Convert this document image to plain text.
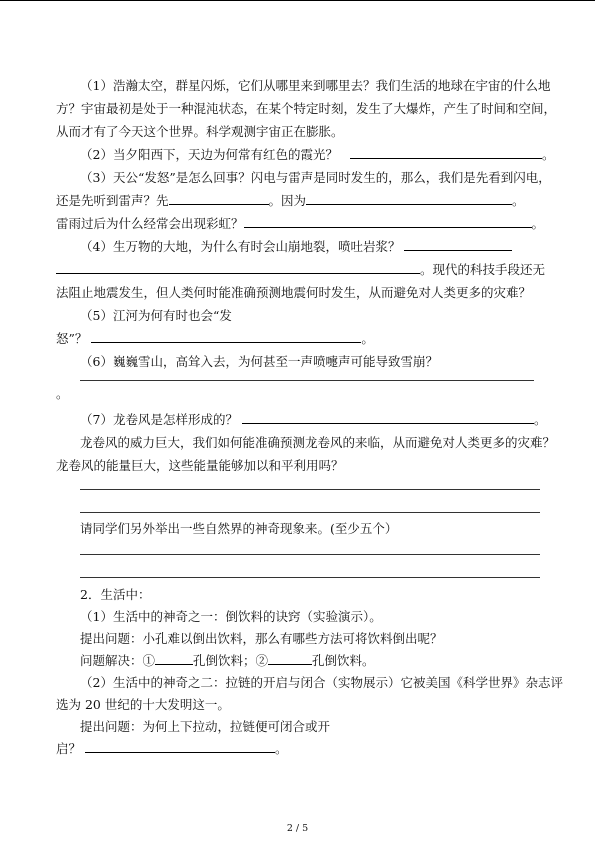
（1）浩瀚太空，群星闪烁，它们从哪里来到哪里去？我们生活的地球在宇宙的什么地
方？宇宙最初是处于一种混沌状态，在某个特定时刻，发生了大爆炸，产生了时间和空间，
从而才有了今天这个世界。科学观测宇宙正在膨胀。
（2）当夕阳西下，天边为何常有红色的霞光？	。
（3）天公“发怒”是怎么回事？闪电与雷声是同时发生的，那么，我们是先看到闪电，
还是先听到雷声？先	。因为	。
雷雨过后为什么经常会出现彩虹？	。
（4）生万物的大地，为什么有时会山崩地裂，喷吐岩浆？
。现代的科技手段还无
法阻止地震发生，但人类何时能准确预测地震何时发生，从而避免对人类更多的灾难？
（5）江河为何有时也会“发
怒”？	。
（6）巍巍雪山，高耸入去，为何甚至一声喷嚏声可能导致雪崩？
。
（7）龙卷风是怎样形成的？	。
龙卷风的威力巨大，我们如何能准确预测龙卷风的来临，从而避免对人类更多的灾难？
龙卷风的能量巨大，这些能量能够加以和平利用吗？
请同学们另外举出一些自然界的神奇现象来。(至少五个）
2．生活中：
（1）生活中的神奇之一：倒饮料的诀窍（实验演示）。
提出问题：小孔难以倒出饮料，那么有哪些方法可将饮料倒出呢？
问题解决：①	孔倒饮料；②	孔倒饮料。
（2）生活中的神奇之二：拉链的开启与闭合（实物展示）它被美国《科学世界》杂志评
选为 20 世纪的十大发明这一。
提出问题：为何上下拉动，拉链便可闭合或开
启？	。
2 / 5
